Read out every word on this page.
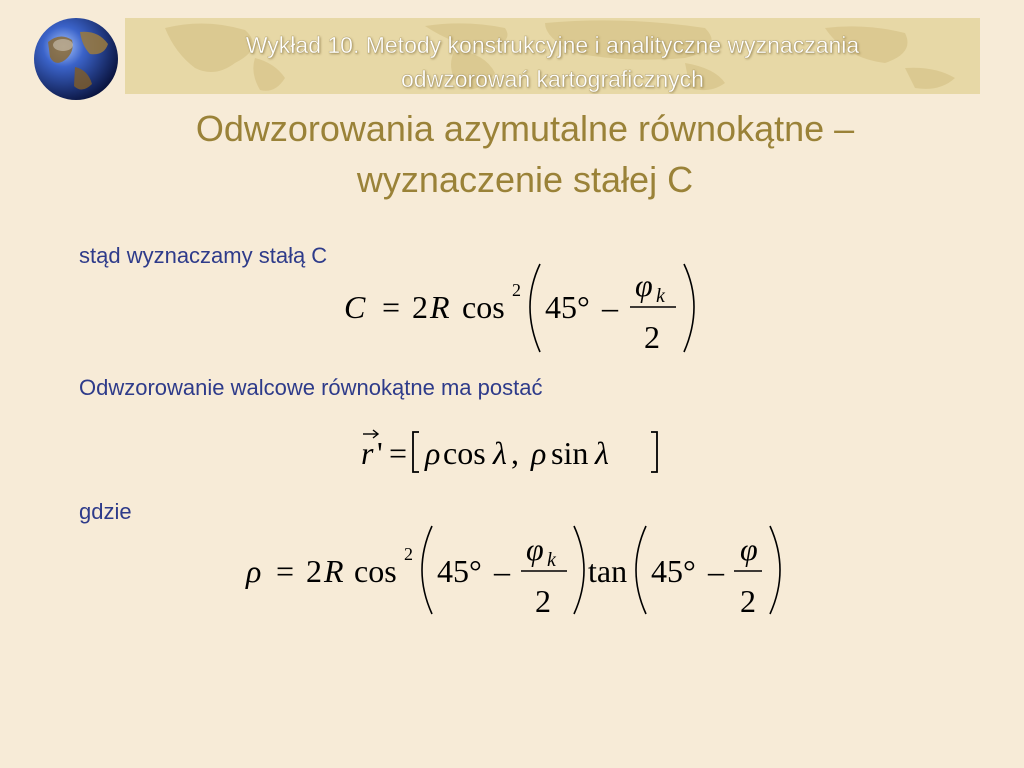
Wykład 10. Metody konstrukcyjne i analityczne wyznaczania
odwzorowań kartograficznych
Odwzorowania azymutalne równokątne –
wyznaczenie stałej C
stąd wyznaczamy stałą C
C = 2 R cos 2 45° –
φ k
2
Odwzorowanie walcowe równokątne ma postać
r ' = ρ cos λ , ρ sin λ
gdzie
ρ = 2 R cos 2 45° –
φ k
2
tan 45° –
φ
2
